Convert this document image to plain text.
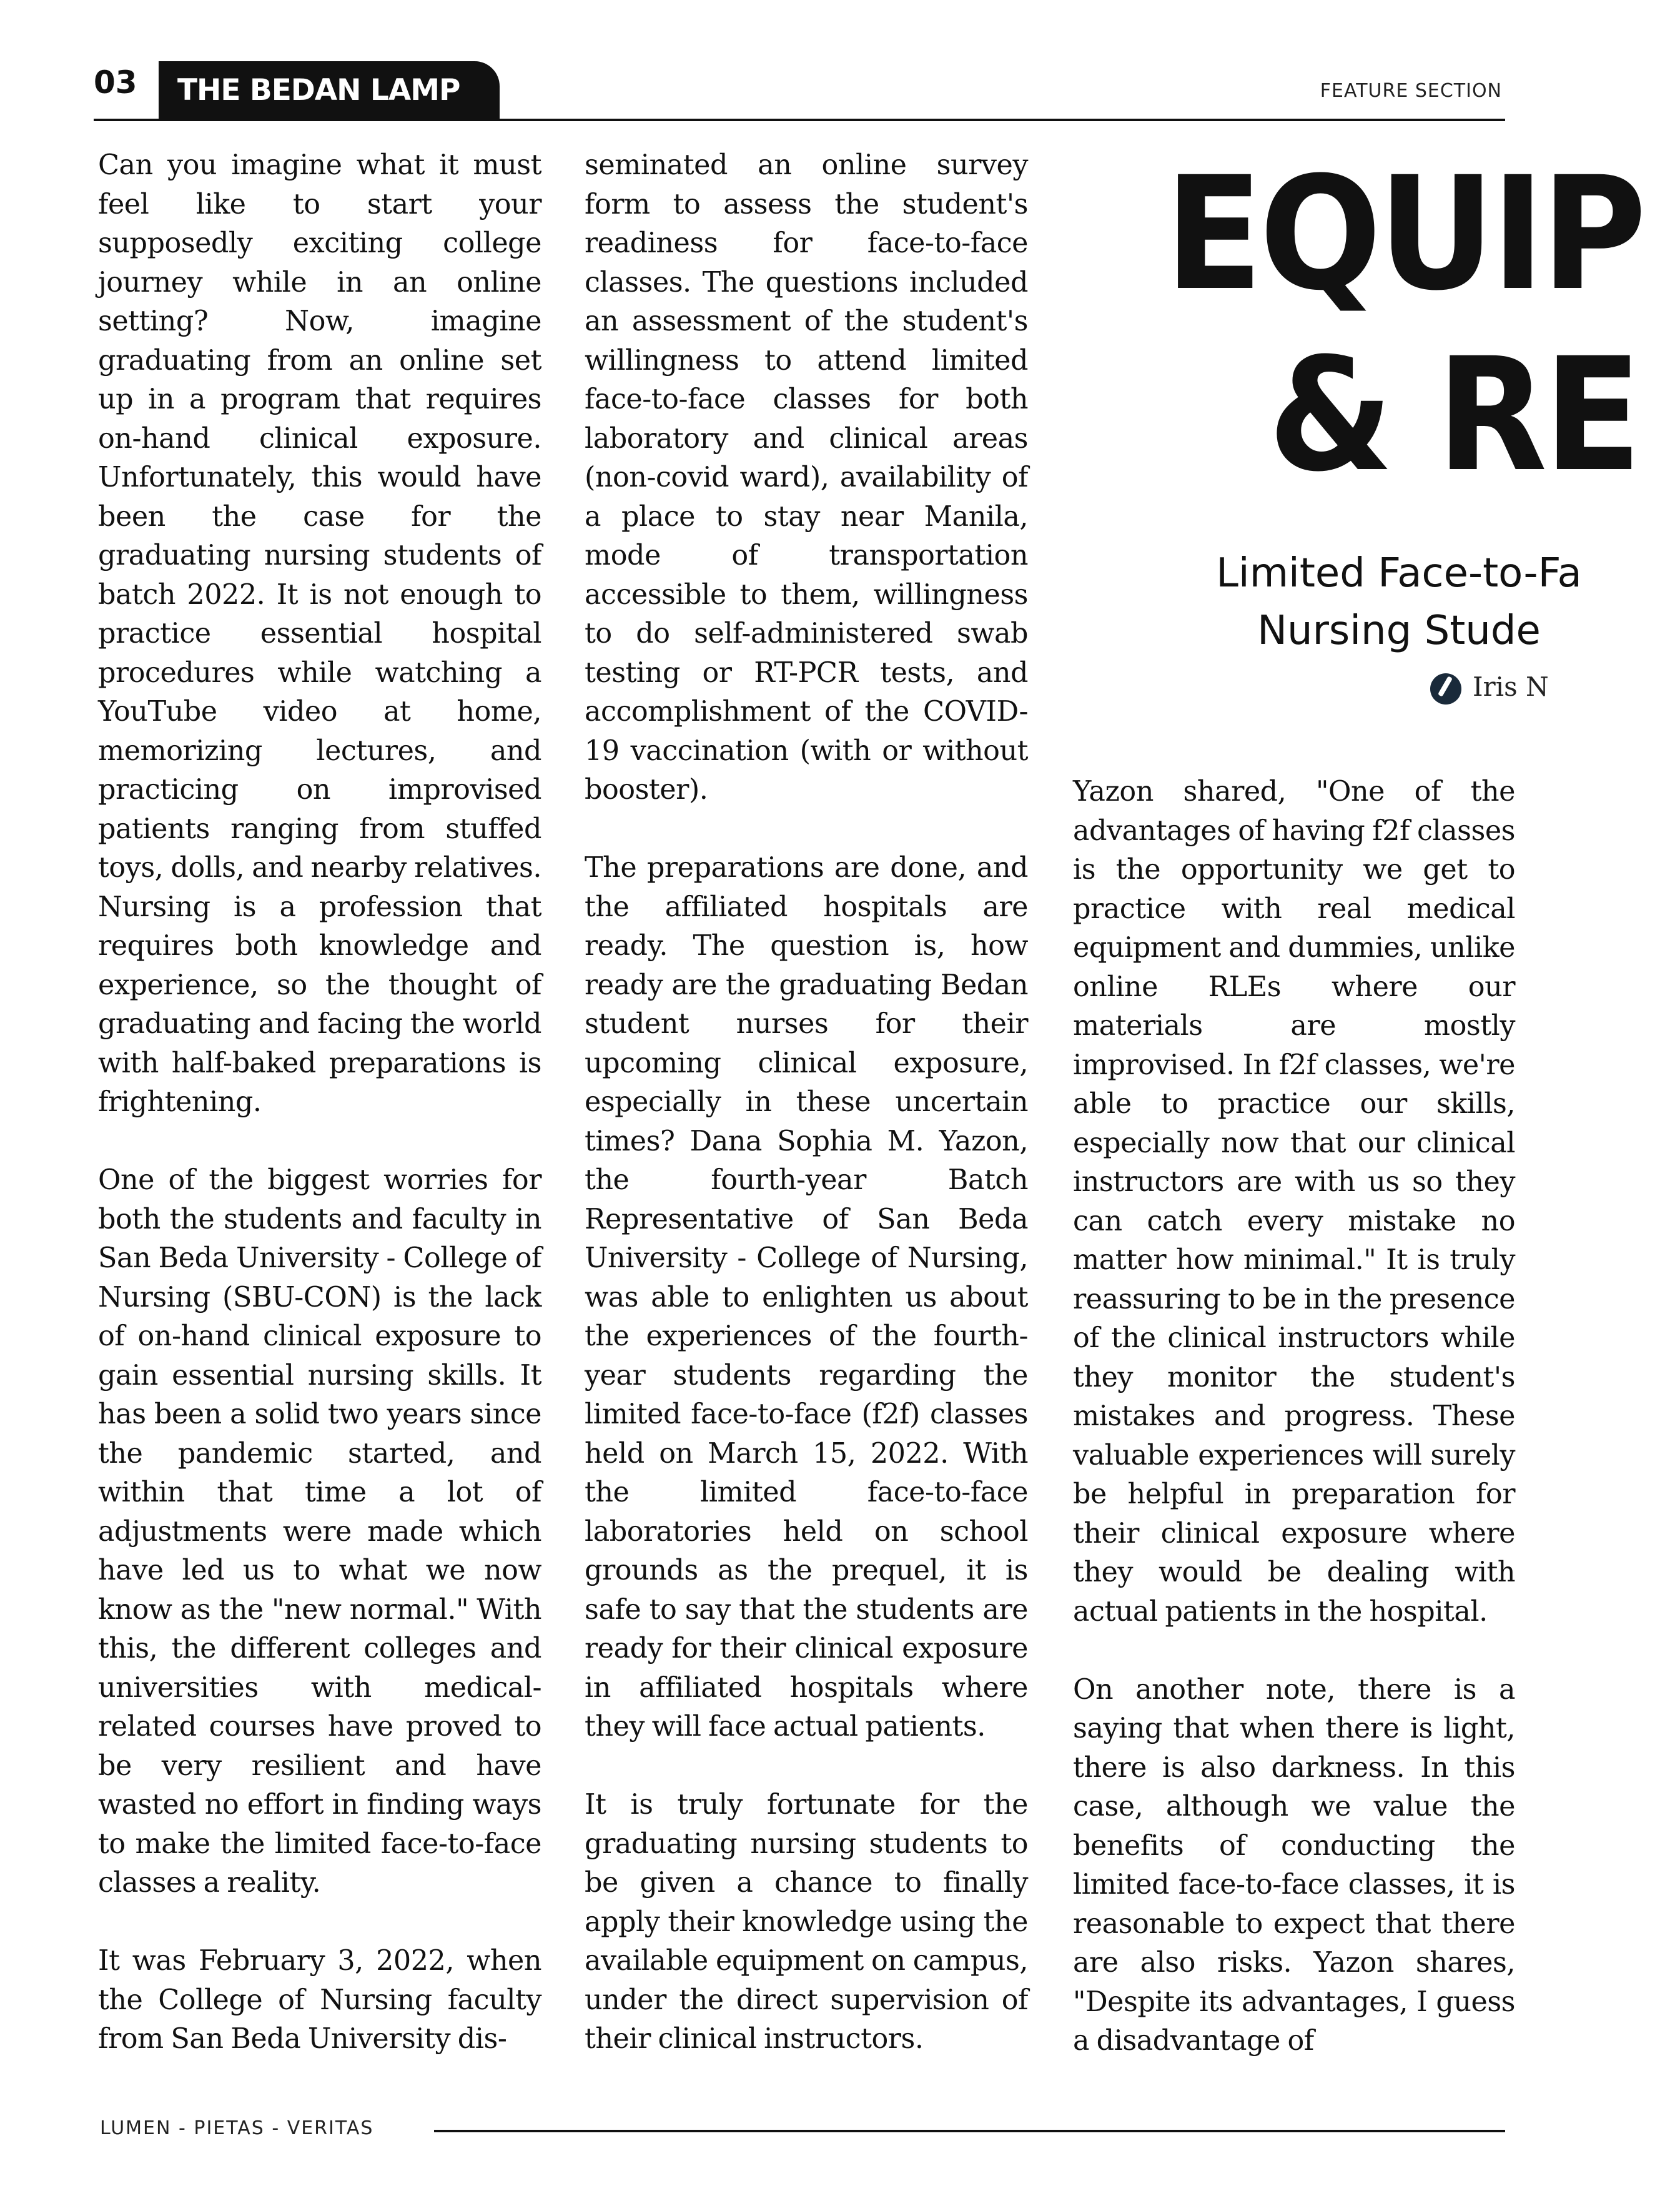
03	THE BEDAN LAMP	FEATURE SECTION

Can you imagine what it must feel like to start your supposedly exciting college journey while in an online setting? Now, imagine graduating from an online set up in a program that requires on-hand clinical exposure. Unfortunately, this would have been the case for the graduating nursing students of batch 2022. It is not enough to practice essential hospital procedures while watching a YouTube video at home, memorizing lectures, and practicing on improvised patients ranging from stuffed toys, dolls, and nearby relatives. Nursing is a profession that requires both knowledge and experience, so the thought of graduating and facing the world with half-baked preparations is frightening.

One of the biggest worries for both the students and faculty in San Beda University - College of Nursing (SBU-CON) is the lack of on-hand clinical exposure to gain essential nursing skills. It has been a solid two years since the pandemic started, and within that time a lot of adjustments were made which have led us to what we now know as the "new normal." With this, the different colleges and universities with medical-related courses have proved to be very resilient and have wasted no effort in finding ways to make the limited face-to-face classes a reality.

It was February 3, 2022, when the College of Nursing faculty from San Beda University dis-

seminated an online survey form to assess the student's readiness for face-to-face classes. The questions included an assessment of the student's willingness to attend limited face-to-face classes for both laboratory and clinical areas (non-covid ward), availability of a place to stay near Manila, mode of transportation accessible to them, willingness to do self-administered swab testing or RT-PCR tests, and accomplishment of the COVID-19 vaccination (with or without booster).

The preparations are done, and the affiliated hospitals are ready. The question is, how ready are the graduating Bedan student nurses for their upcoming clinical exposure, especially in these uncertain times? Dana Sophia M. Yazon, the fourth-year Batch Representative of San Beda University - College of Nursing, was able to enlighten us about the experiences of the fourth-year students regarding the limited face-to-face (f2f) classes held on March 15, 2022. With the limited face-to-face laboratories held on school grounds as the prequel, it is safe to say that the students are ready for their clinical exposure in affiliated hospitals where they will face actual patients.

It is truly fortunate for the graduating nursing students to be given a chance to finally apply their knowledge using the available equipment on campus, under the direct supervision of their clinical instructors.

EQUIP
& RE
Limited Face-to-Fa
Nursing Stude
Iris N

Yazon shared, "One of the advantages of having f2f classes is the opportunity we get to practice with real medical equipment and dummies, unlike online RLEs where our materials are mostly improvised. In f2f classes, we're able to practice our skills, especially now that our clinical instructors are with us so they can catch every mistake no matter how minimal." It is truly reassuring to be in the presence of the clinical instructors while they monitor the student's mistakes and progress. These valuable experiences will surely be helpful in preparation for their clinical exposure where they would be dealing with actual patients in the hospital.

On another note, there is a saying that when there is light, there is also darkness. In this case, although we value the benefits of conducting the limited face-to-face classes, it is reasonable to expect that there are also risks. Yazon shares, "Despite its advantages, I guess a disadvantage of

LUMEN - PIETAS - VERITAS
